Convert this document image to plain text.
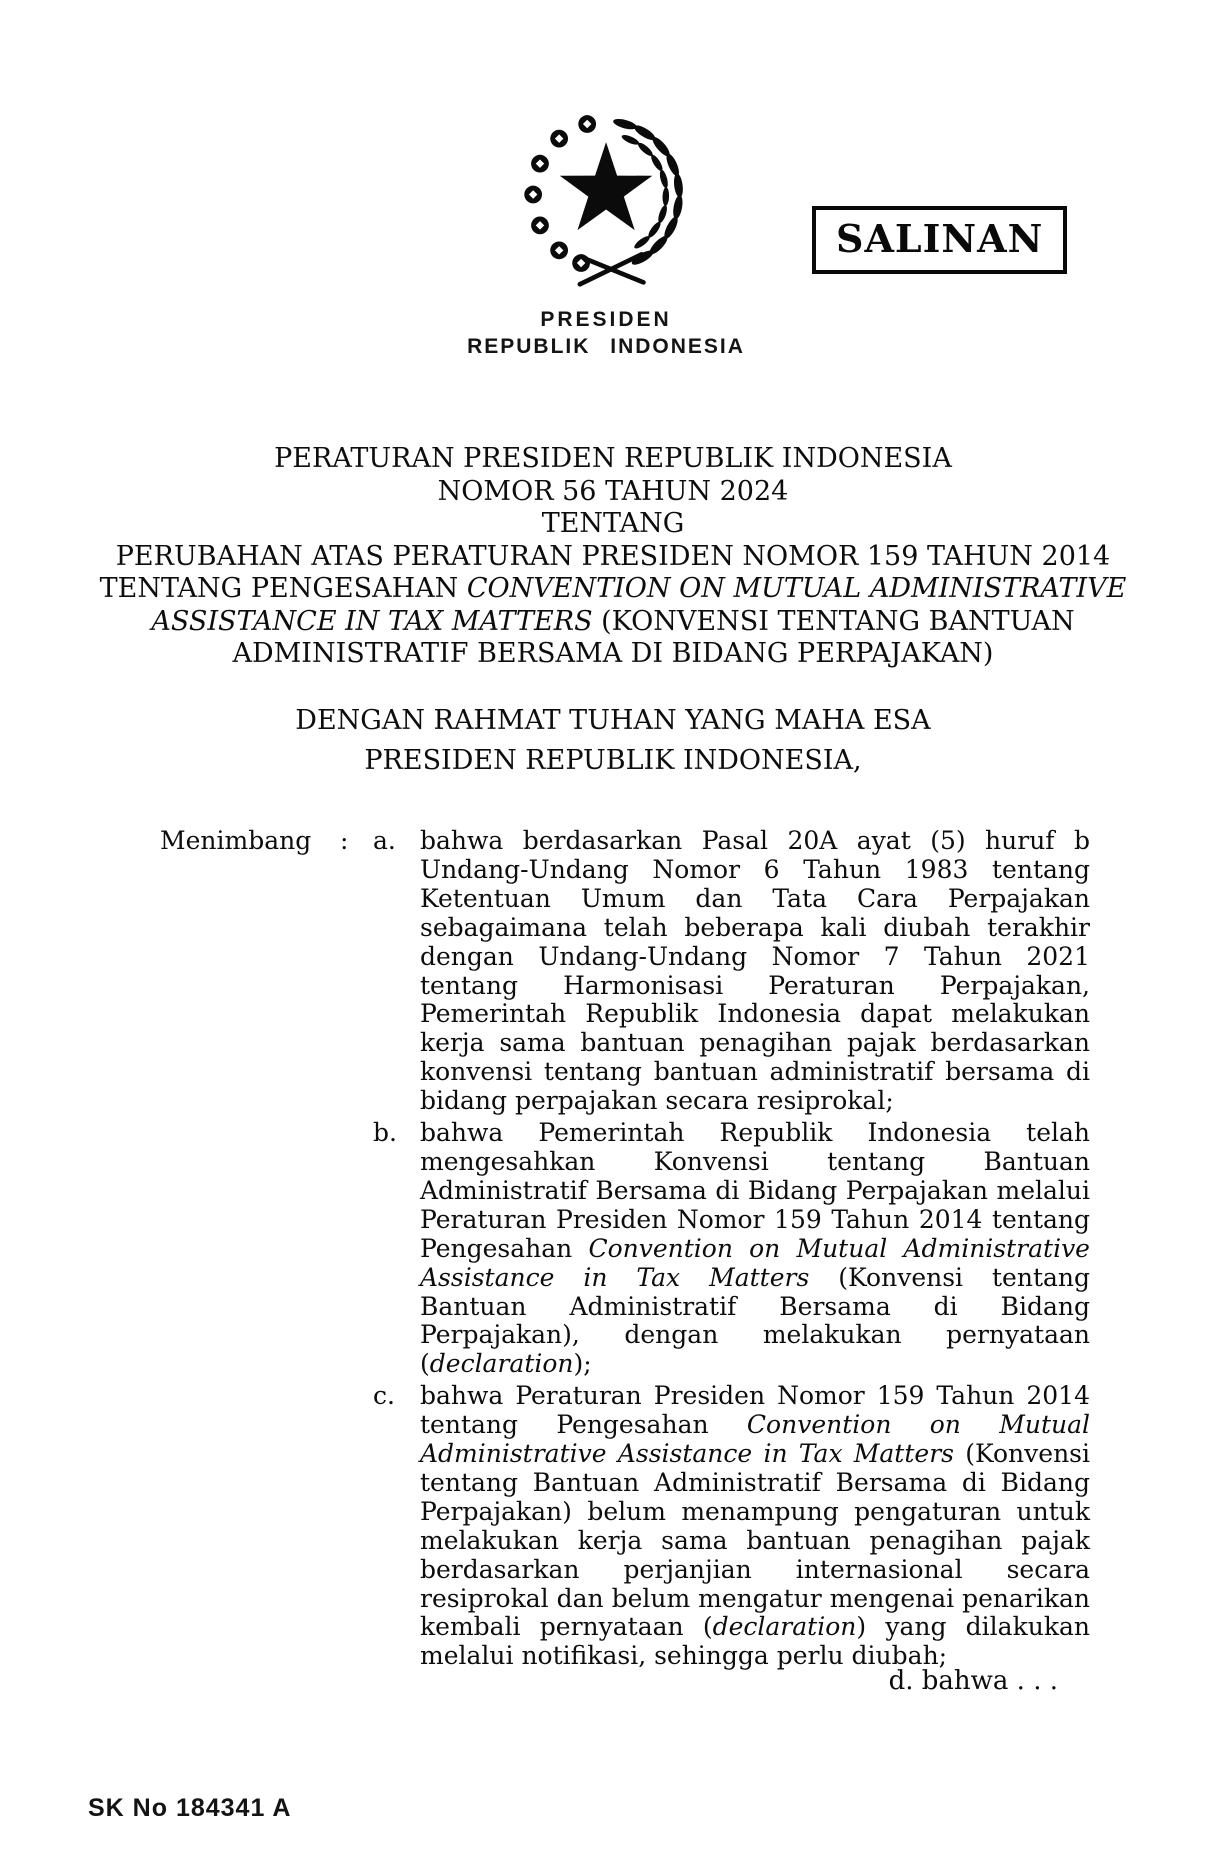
PRESIDEN
REPUBLIK INDONESIA
SALINAN
PERATURAN PRESIDEN REPUBLIK INDONESIA
NOMOR 56 TAHUN 2024
TENTANG
PERUBAHAN ATAS PERATURAN PRESIDEN NOMOR 159 TAHUN 2014
TENTANG PENGESAHAN CONVENTION ON MUTUAL ADMINISTRATIVE
ASSISTANCE IN TAX MATTERS (KONVENSI TENTANG BANTUAN
ADMINISTRATIF BERSAMA DI BIDANG PERPAJAKAN)
DENGAN RAHMAT TUHAN YANG MAHA ESA
PRESIDEN REPUBLIK INDONESIA,
Menimbang	: a. bahwa berdasarkan Pasal 20A ayat (5) huruf b Undang-Undang Nomor 6 Tahun 1983 tentang Ketentuan Umum dan Tata Cara Perpajakan sebagaimana telah beberapa kali diubah terakhir dengan Undang-Undang Nomor 7 Tahun 2021 tentang Harmonisasi Peraturan Perpajakan, Pemerintah Republik Indonesia dapat melakukan kerja sama bantuan penagihan pajak berdasarkan konvensi tentang bantuan administratif bersama di bidang perpajakan secara resiprokal;
b. bahwa Pemerintah Republik Indonesia telah mengesahkan Konvensi tentang Bantuan Administratif Bersama di Bidang Perpajakan melalui Peraturan Presiden Nomor 159 Tahun 2014 tentang Pengesahan Convention on Mutual Administrative Assistance in Tax Matters (Konvensi tentang Bantuan Administratif Bersama di Bidang Perpajakan), dengan melakukan pernyataan (declaration);
c.	bahwa Peraturan Presiden Nomor 159 Tahun 2014 tentang Pengesahan Convention on Mutual Administrative Assistance in Tax Matters (Konvensi tentang Bantuan Administratif Bersama di Bidang Perpajakan) belum menampung pengaturan untuk melakukan kerja sama bantuan penagihan pajak berdasarkan perjanjian internasional secara resiprokal dan belum mengatur mengenai penarikan kembali pernyataan (declaration) yang dilakukan melalui notifikasi, sehingga perlu diubah;
d. bahwa . . .
SK No 184341 A
